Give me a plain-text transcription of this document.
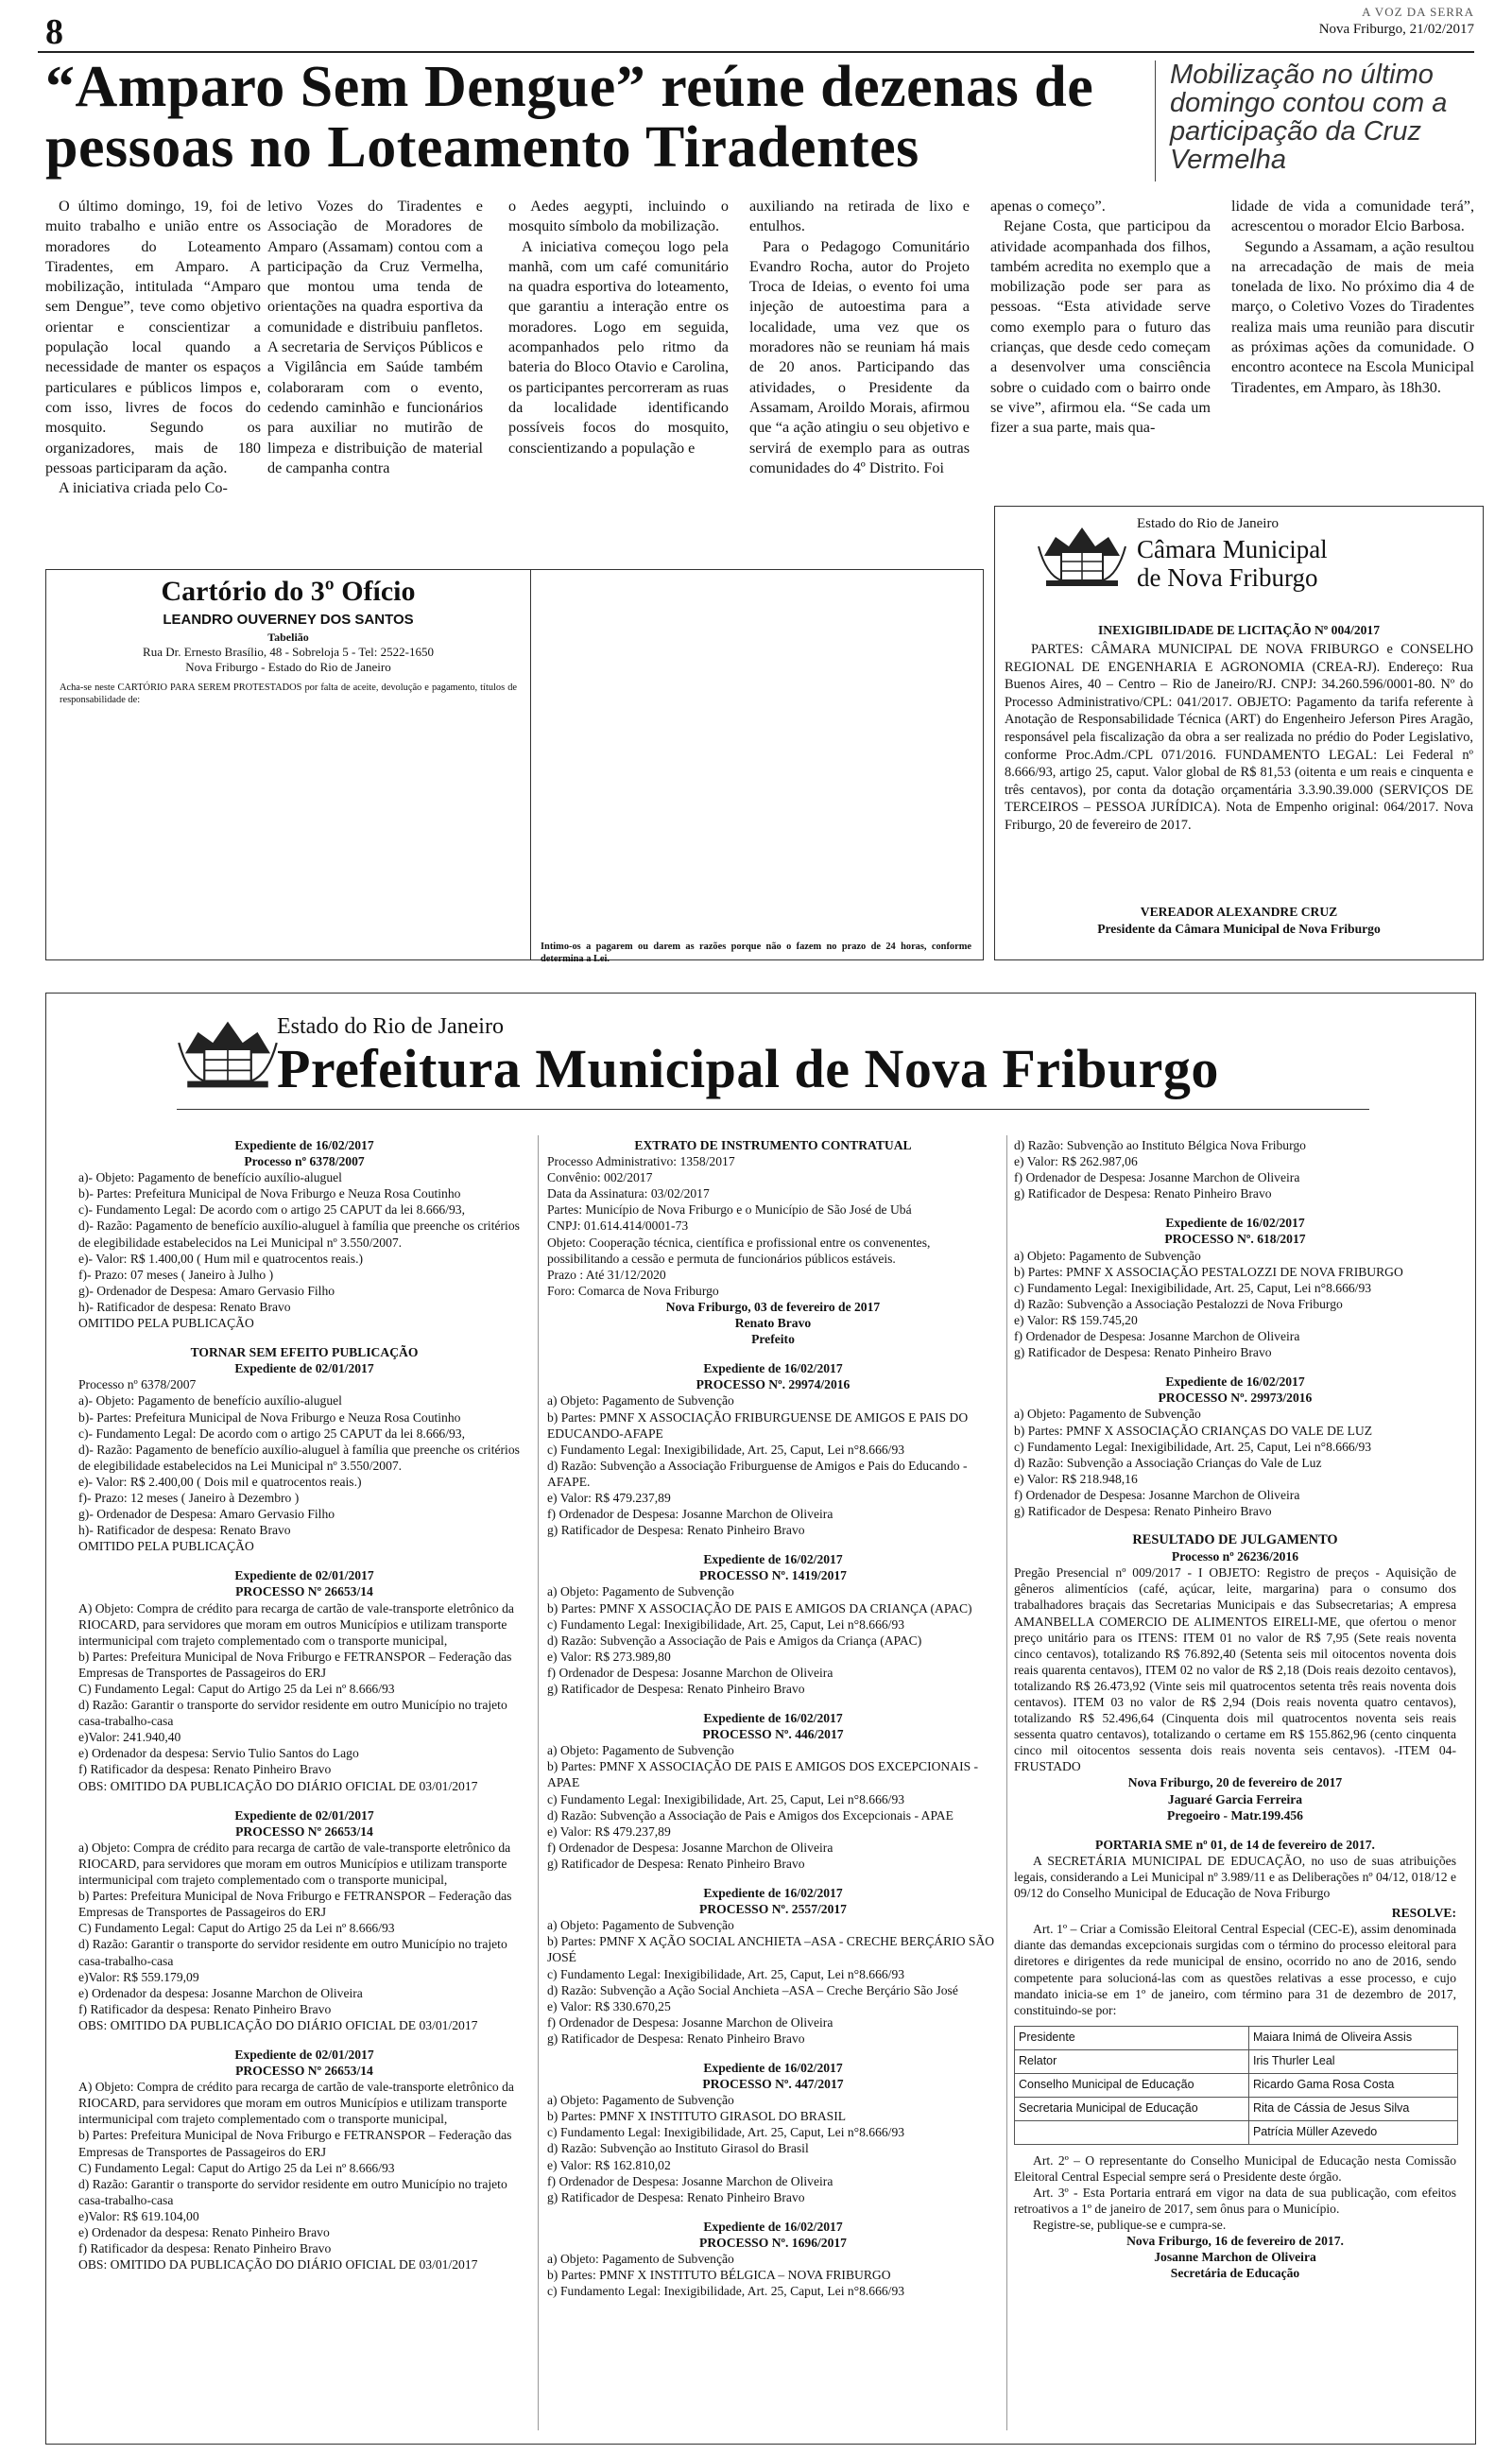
8
A VOZ DA SERRA
Nova Friburgo, 21/02/2017
“Amparo Sem Dengue” reúne dezenas de pessoas no Loteamento Tiradentes
Mobilização no último domingo contou com a participação da Cruz Vermelha

O último domingo, 19, foi de muito trabalho e união entre os moradores do Loteamento Tiradentes, em Amparo. A mobilização, intitulada “Amparo sem Dengue”, teve como objetivo orientar e conscientizar a população local quando a necessidade de manter os espaços particulares e públicos limpos e, com isso, livres de focos do mosquito. Segundo os organizadores, mais de 180 pessoas participaram da ação.

A iniciativa criada pelo Co-

letivo Vozes do Tiradentes e Associação de Moradores de Amparo (Assamam) contou com a participação da Cruz Vermelha, que montou uma tenda de orientações na quadra esportiva da comunidade e distribuiu panfletos. A secretaria de Serviços Públicos e a Vigilância em Saúde também colaboraram com o evento, cedendo caminhão e funcionários para auxiliar no mutirão de limpeza e distribuição de material de campanha contra

o Aedes aegypti, incluindo o mosquito símbolo da mobilização.

A iniciativa começou logo pela manhã, com um café comunitário na quadra esportiva do loteamento, que garantiu a interação entre os moradores. Logo em seguida, acompanhados pelo ritmo da bateria do Bloco Otavio e Carolina, os participantes percorreram as ruas da localidade identificando possíveis focos do mosquito, conscientizando a população e

auxiliando na retirada de lixo e entulhos.

Para o Pedagogo Comunitário Evandro Rocha, autor do Projeto Troca de Ideias, o evento foi uma injeção de autoestima para a localidade, uma vez que os moradores não se reuniam há mais de 20 anos. Participando das atividades, o Presidente da Assamam, Aroildo Morais, afirmou que “a ação atingiu o seu objetivo e servirá de exemplo para as outras comunidades do 4º Distrito. Foi

apenas o começo”.

Rejane Costa, que participou da atividade acompanhada dos filhos, também acredita no exemplo que a mobilização pode ser para as pessoas. “Esta atividade serve como exemplo para o futuro das crianças, que desde cedo começam a desenvolver uma consciência sobre o cuidado com o bairro onde se vive”, afirmou ela. “Se cada um fizer a sua parte, mais qua-

lidade de vida a comunidade terá”, acrescentou o morador Elcio Barbosa.

Segundo a Assamam, a ação resultou na arrecadação de mais de meia tonelada de lixo. No próximo dia 4 de março, o Coletivo Vozes do Tiradentes realiza mais uma reunião para discutir as próximas ações da comunidade. O encontro acontece na Escola Municipal Tiradentes, em Amparo, às 18h30.

Cartório do 3º Ofício
LEANDRO OUVERNEY DOS SANTOS
Tabelião
Rua Dr. Ernesto Brasílio, 48 - Sobreloja 5 - Tel: 2522-1650
Nova Friburgo - Estado do Rio de Janeiro
Acha-se neste CARTÓRIO PARA SEREM PROTESTADOS por falta de aceite, devolução e pagamento, títulos de responsabilidade de:
Intimo-os a pagarem ou darem as razões porque não o fazem no prazo de 24 horas, conforme determina a Lei.
Estado do Rio de Janeiro
Câmara Municipal
de Nova Friburgo
INEXIGIBILIDADE DE LICITAÇÃO Nº 004/2017
PARTES: CÂMARA MUNICIPAL DE NOVA FRIBURGO e CONSELHO REGIONAL DE ENGENHARIA E AGRONOMIA (CREA-RJ). Endereço: Rua Buenos Aires, 40 – Centro – Rio de Janeiro/RJ. CNPJ: 34.260.596/0001-80. Nº do Processo Administrativo/CPL: 041/2017. OBJETO: Pagamento da tarifa referente à Anotação de Responsabilidade Técnica (ART) do Engenheiro Jeferson Pires Aragão, responsável pela fiscalização da obra a ser realizada no prédio do Poder Legislativo, conforme Proc.Adm./CPL 071/2016. FUNDAMENTO LEGAL: Lei Federal nº 8.666/93, artigo 25, caput. Valor global de R$ 81,53 (oitenta e um reais e cinquenta e três centavos), por conta da dotação orçamentária 3.3.90.39.000 (SERVIÇOS DE TERCEIROS – PESSOA JURÍDICA). Nota de Empenho original: 064/2017. Nova Friburgo, 20 de fevereiro de 2017.
VEREADOR ALEXANDRE CRUZ
Presidente da Câmara Municipal de Nova Friburgo
Estado do Rio de Janeiro
Prefeitura Municipal de Nova Friburgo
Expediente de 16/02/2017
Processo nº 6378/2007
a)- Objeto: Pagamento de benefício auxílio-aluguel
b)- Partes: Prefeitura Municipal de Nova Friburgo e Neuza Rosa Coutinho
c)- Fundamento Legal: De acordo com o artigo 25 CAPUT da lei 8.666/93,
d)- Razão: Pagamento de benefício auxílio-aluguel à família que preenche os critérios de elegibilidade estabelecidos na Lei Municipal nº 3.550/2007.
e)- Valor: R$ 1.400,00 ( Hum mil e quatrocentos reais.)
f)- Prazo: 07 meses ( Janeiro à Julho )
g)- Ordenador de Despesa: Amaro Gervasio Filho
h)- Ratificador de despesa: Renato Bravo
OMITIDO PELA PUBLICAÇÃO
TORNAR SEM EFEITO PUBLICAÇÃO
Expediente de 02/01/2017
Processo nº 6378/2007
a)- Objeto: Pagamento de benefício auxílio-aluguel
b)- Partes: Prefeitura Municipal de Nova Friburgo e Neuza Rosa Coutinho
c)- Fundamento Legal: De acordo com o artigo 25 CAPUT da lei 8.666/93,
d)- Razão: Pagamento de benefício auxílio-aluguel à família que preenche os critérios de elegibilidade estabelecidos na Lei Municipal nº 3.550/2007.
e)- Valor: R$ 2.400,00 ( Dois mil e quatrocentos reais.)
f)- Prazo: 12 meses ( Janeiro à Dezembro )
g)- Ordenador de Despesa: Amaro Gervasio Filho
h)- Ratificador de despesa: Renato Bravo
OMITIDO PELA PUBLICAÇÃO
Expediente de 02/01/2017
PROCESSO Nº 26653/14
A) Objeto: Compra de crédito para recarga de cartão de vale-transporte eletrônico da RIOCARD, para servidores que moram em outros Municípios e utilizam transporte intermunicipal com trajeto complementado com o transporte municipal,
b) Partes: Prefeitura Municipal de Nova Friburgo e FETRANSPOR – Federação das Empresas de Transportes de Passageiros do ERJ
C) Fundamento Legal: Caput do Artigo 25 da Lei nº 8.666/93
d) Razão: Garantir o transporte do servidor residente em outro Município no trajeto casa-trabalho-casa
e)Valor: 241.940,40
e) Ordenador da despesa: Servio Tulio Santos do Lago
f) Ratificador da despesa: Renato Pinheiro Bravo
OBS: OMITIDO DA PUBLICAÇÃO DO DIÁRIO OFICIAL DE 03/01/2017
Expediente de 02/01/2017
PROCESSO Nº 26653/14
a) Objeto: Compra de crédito para recarga de cartão de vale-transporte eletrônico da RIOCARD, para servidores que moram em outros Municípios e utilizam transporte intermunicipal com trajeto complementado com o transporte municipal,
b) Partes: Prefeitura Municipal de Nova Friburgo e FETRANSPOR – Federação das Empresas de Transportes de Passageiros do ERJ
C) Fundamento Legal: Caput do Artigo 25 da Lei nº 8.666/93
d) Razão: Garantir o transporte do servidor residente em outro Município no trajeto casa-trabalho-casa
e)Valor: R$ 559.179,09
e) Ordenador da despesa: Josanne Marchon de Oliveira
f) Ratificador da despesa: Renato Pinheiro Bravo
OBS: OMITIDO DA PUBLICAÇÃO DO DIÁRIO OFICIAL DE 03/01/2017
Expediente de 02/01/2017
PROCESSO Nº 26653/14
A) Objeto: Compra de crédito para recarga de cartão de vale-transporte eletrônico da RIOCARD, para servidores que moram em outros Municípios e utilizam transporte intermunicipal com trajeto complementado com o transporte municipal,
b) Partes: Prefeitura Municipal de Nova Friburgo e FETRANSPOR – Federação das Empresas de Transportes de Passageiros do ERJ
C) Fundamento Legal: Caput do Artigo 25 da Lei nº 8.666/93
d) Razão: Garantir o transporte do servidor residente em outro Município no trajeto casa-trabalho-casa
e)Valor: R$ 619.104,00
e) Ordenador da despesa: Renato Pinheiro Bravo
f) Ratificador da despesa: Renato Pinheiro Bravo
OBS: OMITIDO DA PUBLICAÇÃO DO DIÁRIO OFICIAL DE 03/01/2017
EXTRATO DE INSTRUMENTO CONTRATUAL
Processo Administrativo: 1358/2017
Convênio: 002/2017
Data da Assinatura: 03/02/2017
Partes: Município de Nova Friburgo e o Município de São José de Ubá
CNPJ: 01.614.414/0001-73
Objeto: Cooperação técnica, científica e profissional entre os convenentes, possibilitando a cessão e permuta de funcionários públicos estáveis.
Prazo : Até 31/12/2020
Foro: Comarca de Nova Friburgo
Nova Friburgo, 03 de fevereiro de 2017
Renato Bravo
Prefeito
Expediente de 16/02/2017
PROCESSO Nº. 29974/2016
a) Objeto: Pagamento de Subvenção
b) Partes: PMNF X ASSOCIAÇÃO FRIBURGUENSE DE AMIGOS E PAIS DO EDUCANDO-AFAPE
c) Fundamento Legal: Inexigibilidade, Art. 25, Caput, Lei n°8.666/93
d) Razão: Subvenção a Associação Friburguense de Amigos e Pais do Educando -AFAPE.
e) Valor: R$ 479.237,89
f) Ordenador de Despesa: Josanne Marchon de Oliveira
g) Ratificador de Despesa: Renato Pinheiro Bravo
Expediente de 16/02/2017
PROCESSO Nº. 1419/2017
a) Objeto: Pagamento de Subvenção
b) Partes: PMNF X ASSOCIAÇÃO DE PAIS E AMIGOS DA CRIANÇA (APAC)
c) Fundamento Legal: Inexigibilidade, Art. 25, Caput, Lei n°8.666/93
d) Razão: Subvenção a Associação de Pais e Amigos da Criança (APAC)
e) Valor: R$ 273.989,80
f) Ordenador de Despesa: Josanne Marchon de Oliveira
g) Ratificador de Despesa: Renato Pinheiro Bravo
Expediente de 16/02/2017
PROCESSO Nº. 446/2017
a) Objeto: Pagamento de Subvenção
b) Partes: PMNF X ASSOCIAÇÃO DE PAIS E AMIGOS DOS EXCEPCIONAIS - APAE
c) Fundamento Legal: Inexigibilidade, Art. 25, Caput, Lei n°8.666/93
d) Razão: Subvenção a Associação de Pais e Amigos dos Excepcionais - APAE
e) Valor: R$ 479.237,89
f) Ordenador de Despesa: Josanne Marchon de Oliveira
g) Ratificador de Despesa: Renato Pinheiro Bravo
Expediente de 16/02/2017
PROCESSO Nº. 2557/2017
a) Objeto: Pagamento de Subvenção
b) Partes: PMNF X AÇÃO SOCIAL ANCHIETA –ASA - CRECHE BERÇÁRIO SÃO JOSÉ
c) Fundamento Legal: Inexigibilidade, Art. 25, Caput, Lei n°8.666/93
d) Razão: Subvenção a Ação Social Anchieta –ASA – Creche Berçário São José
e) Valor: R$ 330.670,25
f) Ordenador de Despesa: Josanne Marchon de Oliveira
g) Ratificador de Despesa: Renato Pinheiro Bravo
Expediente de 16/02/2017
PROCESSO Nº. 447/2017
a) Objeto: Pagamento de Subvenção
b) Partes: PMNF X INSTITUTO GIRASOL DO BRASIL
c) Fundamento Legal: Inexigibilidade, Art. 25, Caput, Lei n°8.666/93
d) Razão: Subvenção ao Instituto Girasol do Brasil
e) Valor: R$ 162.810,02
f) Ordenador de Despesa: Josanne Marchon de Oliveira
g) Ratificador de Despesa: Renato Pinheiro Bravo
Expediente de 16/02/2017
PROCESSO Nº. 1696/2017
a) Objeto: Pagamento de Subvenção
b) Partes: PMNF X INSTITUTO BÉLGICA – NOVA FRIBURGO
c) Fundamento Legal: Inexigibilidade, Art. 25, Caput, Lei n°8.666/93
d) Razão: Subvenção ao Instituto Bélgica Nova Friburgo
e) Valor: R$ 262.987,06
f) Ordenador de Despesa: Josanne Marchon de Oliveira
g) Ratificador de Despesa: Renato Pinheiro Bravo
Expediente de 16/02/2017
PROCESSO Nº. 618/2017
a) Objeto: Pagamento de Subvenção
b) Partes: PMNF X ASSOCIAÇÃO PESTALOZZI DE NOVA FRIBURGO
c) Fundamento Legal: Inexigibilidade, Art. 25, Caput, Lei n°8.666/93
d) Razão: Subvenção a Associação Pestalozzi de Nova Friburgo
e) Valor: R$ 159.745,20
f) Ordenador de Despesa: Josanne Marchon de Oliveira
g) Ratificador de Despesa: Renato Pinheiro Bravo
Expediente de 16/02/2017
PROCESSO Nº. 29973/2016
a) Objeto: Pagamento de Subvenção
b) Partes: PMNF X ASSOCIAÇÃO CRIANÇAS DO VALE DE LUZ
c) Fundamento Legal: Inexigibilidade, Art. 25, Caput, Lei n°8.666/93
d) Razão: Subvenção a Associação Crianças do Vale de Luz
e) Valor: R$ 218.948,16
f) Ordenador de Despesa: Josanne Marchon de Oliveira
g) Ratificador de Despesa: Renato Pinheiro Bravo
RESULTADO DE JULGAMENTO
Processo nº 26236/2016
Pregão Presencial nº 009/2017 - I OBJETO: Registro de preços - Aquisição de gêneros alimentícios (café, açúcar, leite, margarina) para o consumo dos trabalhadores braçais das Secretarias Municipais e das Subsecretarias; A empresa AMANBELLA COMERCIO DE ALIMENTOS EIRELI-ME, que ofertou o menor preço unitário para os ITENS: ITEM 01 no valor de R$ 7,95 (Sete reais noventa cinco centavos), totalizando R$ 76.892,40 (Setenta seis mil oitocentos noventa dois reais quarenta centavos), ITEM 02 no valor de R$ 2,18 (Dois reais dezoito centavos), totalizando R$ 26.473,92 (Vinte seis mil quatrocentos setenta três reais noventa dois centavos). ITEM 03 no valor de R$ 2,94 (Dois reais noventa quatro centavos), totalizando R$ 52.496,64 (Cinquenta dois mil quatrocentos noventa seis reais sessenta quatro centavos), totalizando o certame em R$ 155.862,96 (cento cinquenta cinco mil oitocentos sessenta dois reais noventa seis centavos). -ITEM 04- FRUSTADO
Nova Friburgo, 20 de fevereiro de 2017
Jaguaré Garcia Ferreira
Pregoeiro - Matr.199.456
PORTARIA SME nº 01, de 14 de fevereiro de 2017.
A SECRETÁRIA MUNICIPAL DE EDUCAÇÃO, no uso de suas atribuições legais, considerando a Lei Municipal nº 3.989/11 e as Deliberações nº 04/12, 018/12 e 09/12 do Conselho Municipal de Educação de Nova Friburgo
RESOLVE:
Art. 1º – Criar a Comissão Eleitoral Central Especial (CEC-E), assim denominada diante das demandas excepcionais surgidas com o término do processo eleitoral para diretores e dirigentes da rede municipal de ensino, ocorrido no ano de 2016, sendo competente para solucioná-las com as questões relativas a esse processo, e cujo mandato inicia-se em 1º de janeiro, com término para 31 de dezembro de 2017, constituindo-se por:
Presidente	Maiara Inimá de Oliveira Assis
Relator	Iris Thurler Leal
Conselho Municipal de Educação	Ricardo Gama Rosa Costa
Secretaria Municipal de Educação	Rita de Cássia de Jesus Silva
	Patrícia Müller Azevedo
Art. 2º – O representante do Conselho Municipal de Educação nesta Comissão Eleitoral Central Especial sempre será o Presidente deste órgão.
Art. 3º - Esta Portaria entrará em vigor na data de sua publicação, com efeitos retroativos a 1º de janeiro de 2017, sem ônus para o Município.
Registre-se, publique-se e cumpra-se.
Nova Friburgo, 16 de fevereiro de 2017.
Josanne Marchon de Oliveira
Secretária de Educação
